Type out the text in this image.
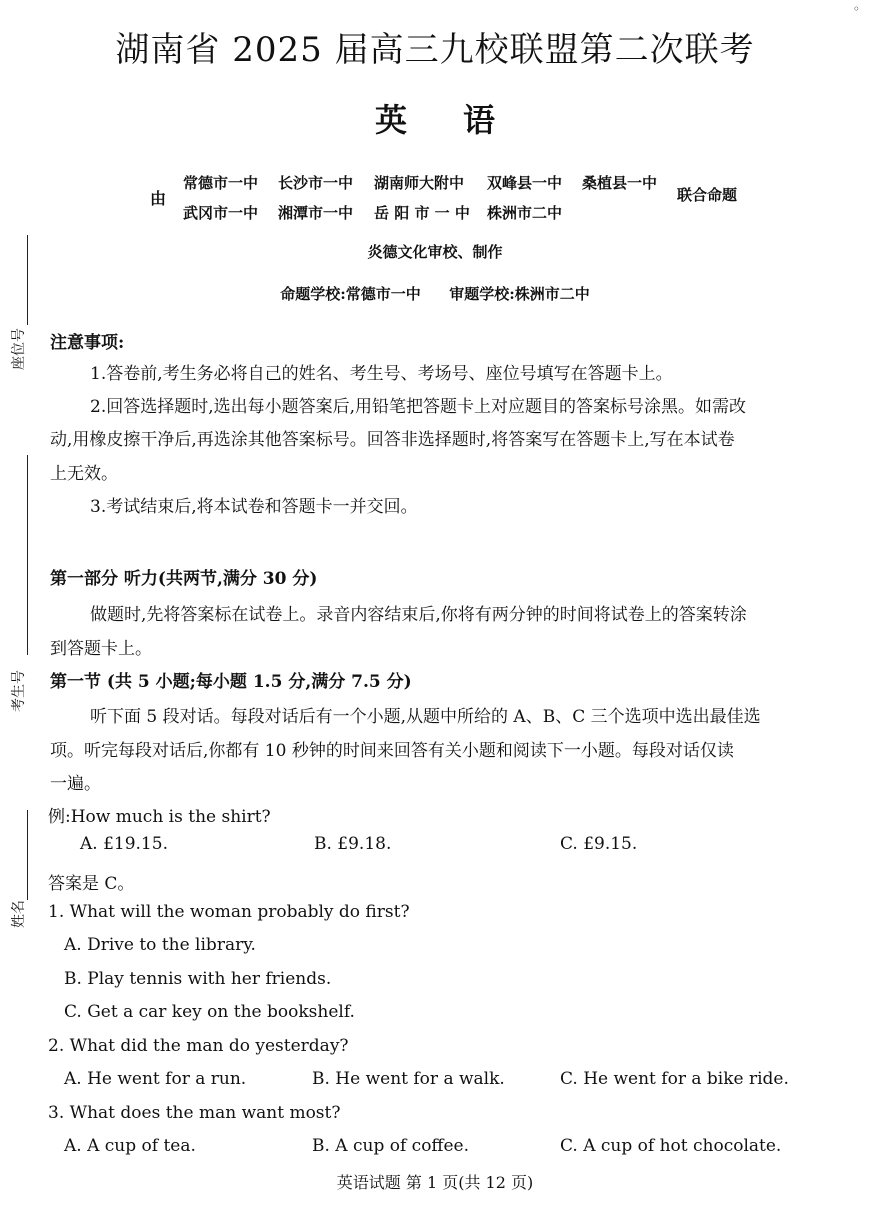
◦
座位号
考生号
姓名
湖南省 2025 届高三九校联盟第二次联考
英语
由
常德市一中 长沙市一中 湖南师大附中 双峰县一中 桑植县一中
武冈市一中 湘潭市一中 岳 阳 市 一 中 株洲市二中
联合命题
炎德文化审校、制作
命题学校:常德市一中 审题学校:株洲市二中
注意事项:
1.答卷前,考生务必将自己的姓名、考生号、考场号、座位号填写在答题卡上。
2.回答选择题时,选出每小题答案后,用铅笔把答题卡上对应题目的答案标号涂黑。如需改
动,用橡皮擦干净后,再选涂其他答案标号。回答非选择题时,将答案写在答题卡上,写在本试卷
上无效。
3.考试结束后,将本试卷和答题卡一并交回。
第一部分 听力(共两节,满分 30 分)
做题时,先将答案标在试卷上。录音内容结束后,你将有两分钟的时间将试卷上的答案转涂
到答题卡上。
第一节 (共 5 小题;每小题 1.5 分,满分 7.5 分)
听下面 5 段对话。每段对话后有一个小题,从题中所给的 A、B、C 三个选项中选出最佳选
项。听完每段对话后,你都有 10 秒钟的时间来回答有关小题和阅读下一小题。每段对话仅读
一遍。
例:How much is the shirt?
A. £19.15.	B. £9.18.	C. £9.15.
答案是 C。
1. What will the woman probably do first?
A. Drive to the library.
B. Play tennis with her friends.
C. Get a car key on the bookshelf.
2. What did the man do yesterday?
A. He went for a run.	B. He went for a walk.	C. He went for a bike ride.
3. What does the man want most?
A. A cup of tea.	B. A cup of coffee.	C. A cup of hot chocolate.
英语试题 第 1 页(共 12 页)
